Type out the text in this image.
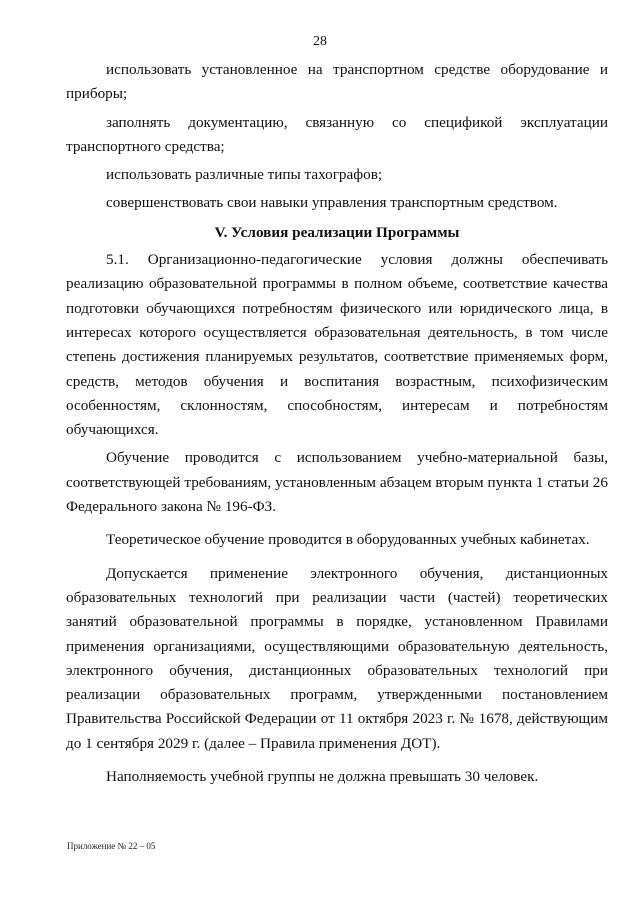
28

использовать установленное на транспортном средстве оборудование и приборы;

заполнять документацию, связанную со спецификой эксплуатации транспортного средства;

использовать различные типы тахографов;

совершенствовать свои навыки управления транспортным средством.

V. Условия реализации Программы

5.1. Организационно-педагогические условия должны обеспечивать реализацию образовательной программы в полном объеме, соответствие качества подготовки обучающихся потребностям физического или юридического лица, в интересах которого осуществляется образовательная деятельность, в том числе степень достижения планируемых результатов, соответствие применяемых форм, средств, методов обучения и воспитания возрастным, психофизическим особенностям, склонностям, способностям, интересам и потребностям обучающихся.

Обучение проводится с использованием учебно-материальной базы, соответствующей требованиям, установленным абзацем вторым пункта 1 статьи 26 Федерального закона № 196-ФЗ.

Теоретическое обучение проводится в оборудованных учебных кабинетах.

Допускается применение электронного обучения, дистанционных образовательных технологий при реализации части (частей) теоретических занятий образовательной программы в порядке, установленном Правилами применения организациями, осуществляющими образовательную деятельность, электронного обучения, дистанционных образовательных технологий при реализации образовательных программ, утвержденными постановлением Правительства Российской Федерации от 11 октября 2023 г. № 1678, действующим до 1 сентября 2029 г. (далее – Правила применения ДОТ).

Наполняемость учебной группы не должна превышать 30 человек.

Приложение № 22 – 05
